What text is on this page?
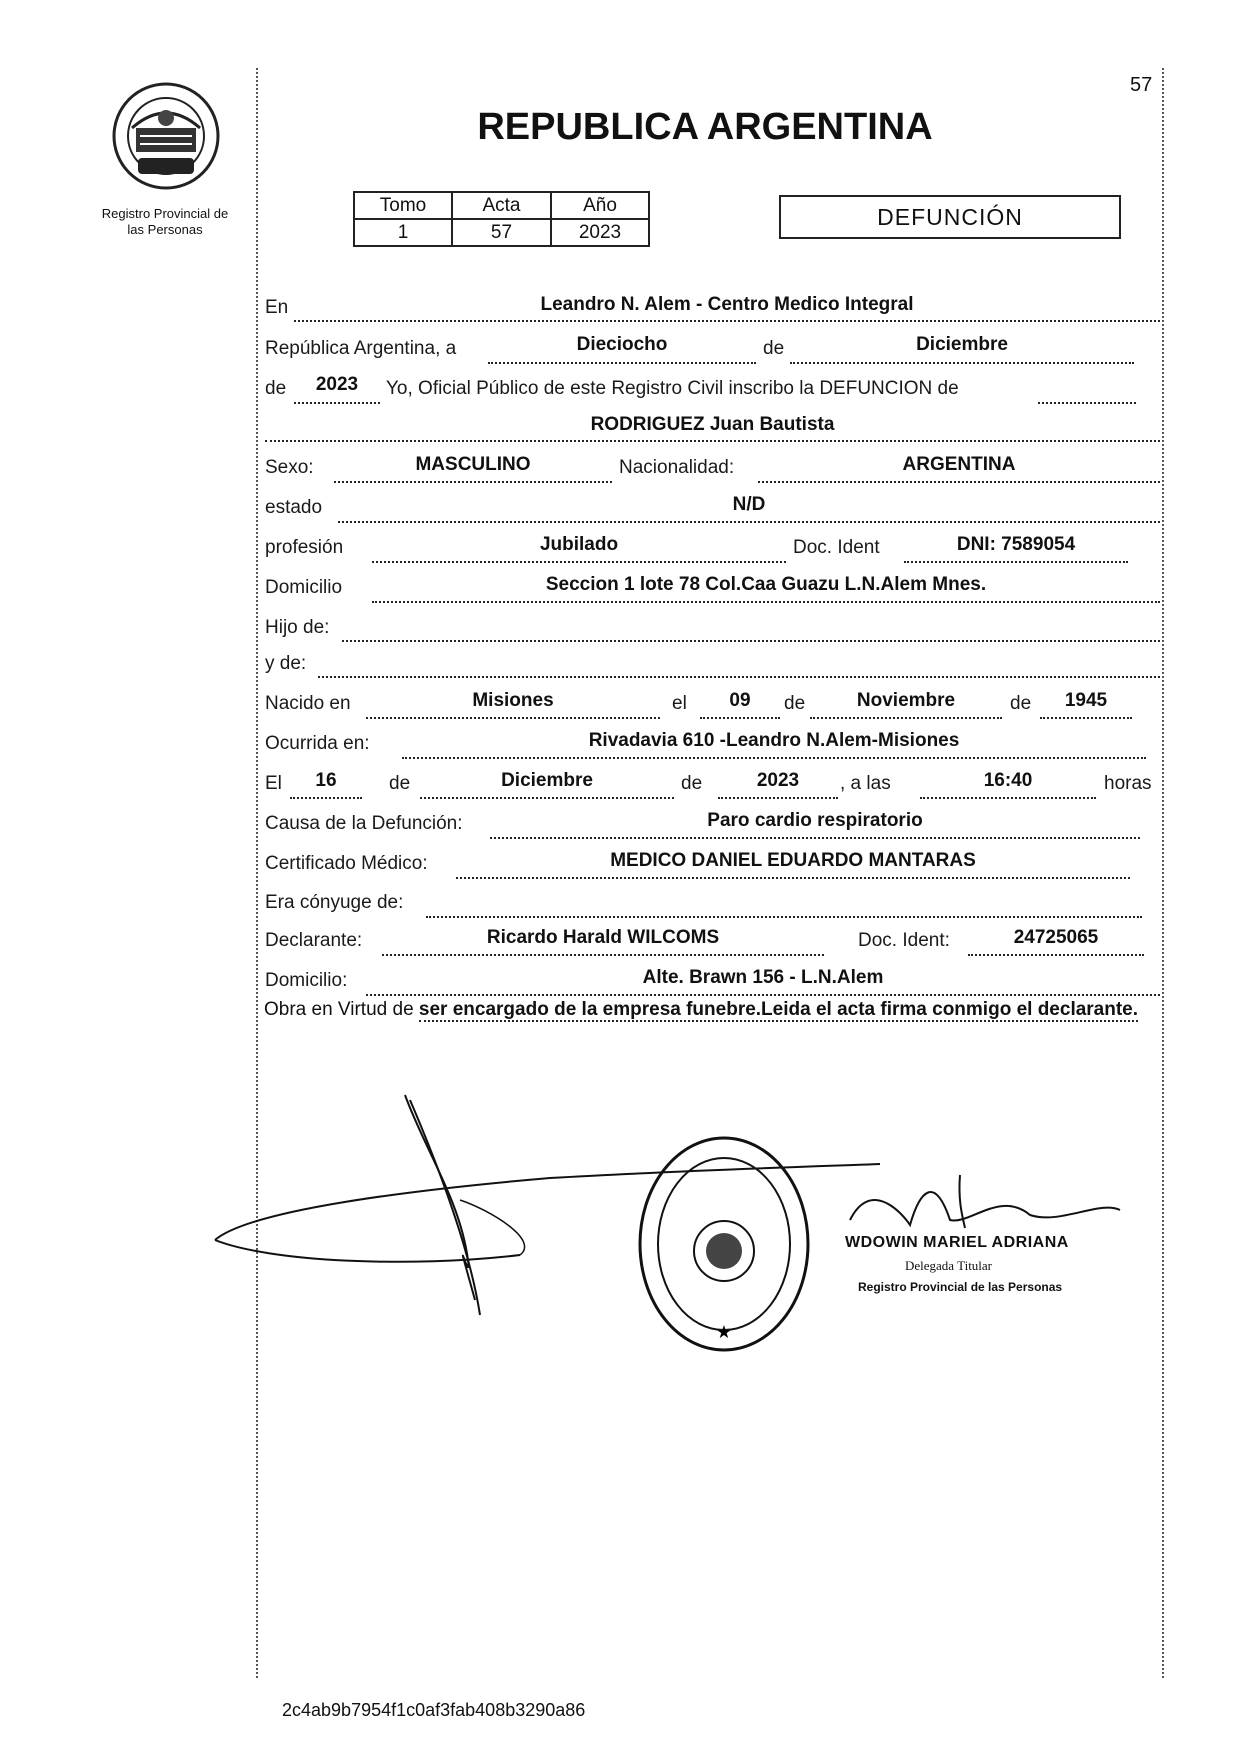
57
Registro Provincial de
las Personas
REPUBLICA ARGENTINA
Tomo	Acta	Año
1	57	2023
DEFUNCIÓN
En	Leandro N. Alem - Centro Medico Integral
República Argentina, a	Dieciocho	de	Diciembre
de	2023	Yo, Oficial Público de este Registro Civil inscribo la DEFUNCION de
RODRIGUEZ Juan Bautista
Sexo:	MASCULINO	Nacionalidad:	ARGENTINA
estado	N/D
profesión	Jubilado	Doc. Ident	DNI: 7589054
Domicilio	Seccion 1 lote 78 Col.Caa Guazu L.N.Alem Mnes.
Hijo de:
y de:
Nacido en	Misiones	el	09	de	Noviembre	de	1945
Ocurrida en:	Rivadavia 610 -Leandro N.Alem-Misiones
El	16	de	Diciembre	de	2023	, a las	16:40	horas
Causa de la Defunción:	Paro cardio respiratorio
Certificado Médico:	MEDICO DANIEL EDUARDO MANTARAS
Era cónyuge de:
Declarante:	Ricardo Harald WILCOMS	Doc. Ident:	24725065
Domicilio:	Alte. Brawn 156 - L.N.Alem
Obra en Virtud de ser encargado de la empresa funebre.Leida el acta firma conmigo el declarante.
★
WDOWIN MARIEL ADRIANA
Delegada Titular
Registro Provincial de las Personas
2c4ab9b7954f1c0af3fab408b3290a86
